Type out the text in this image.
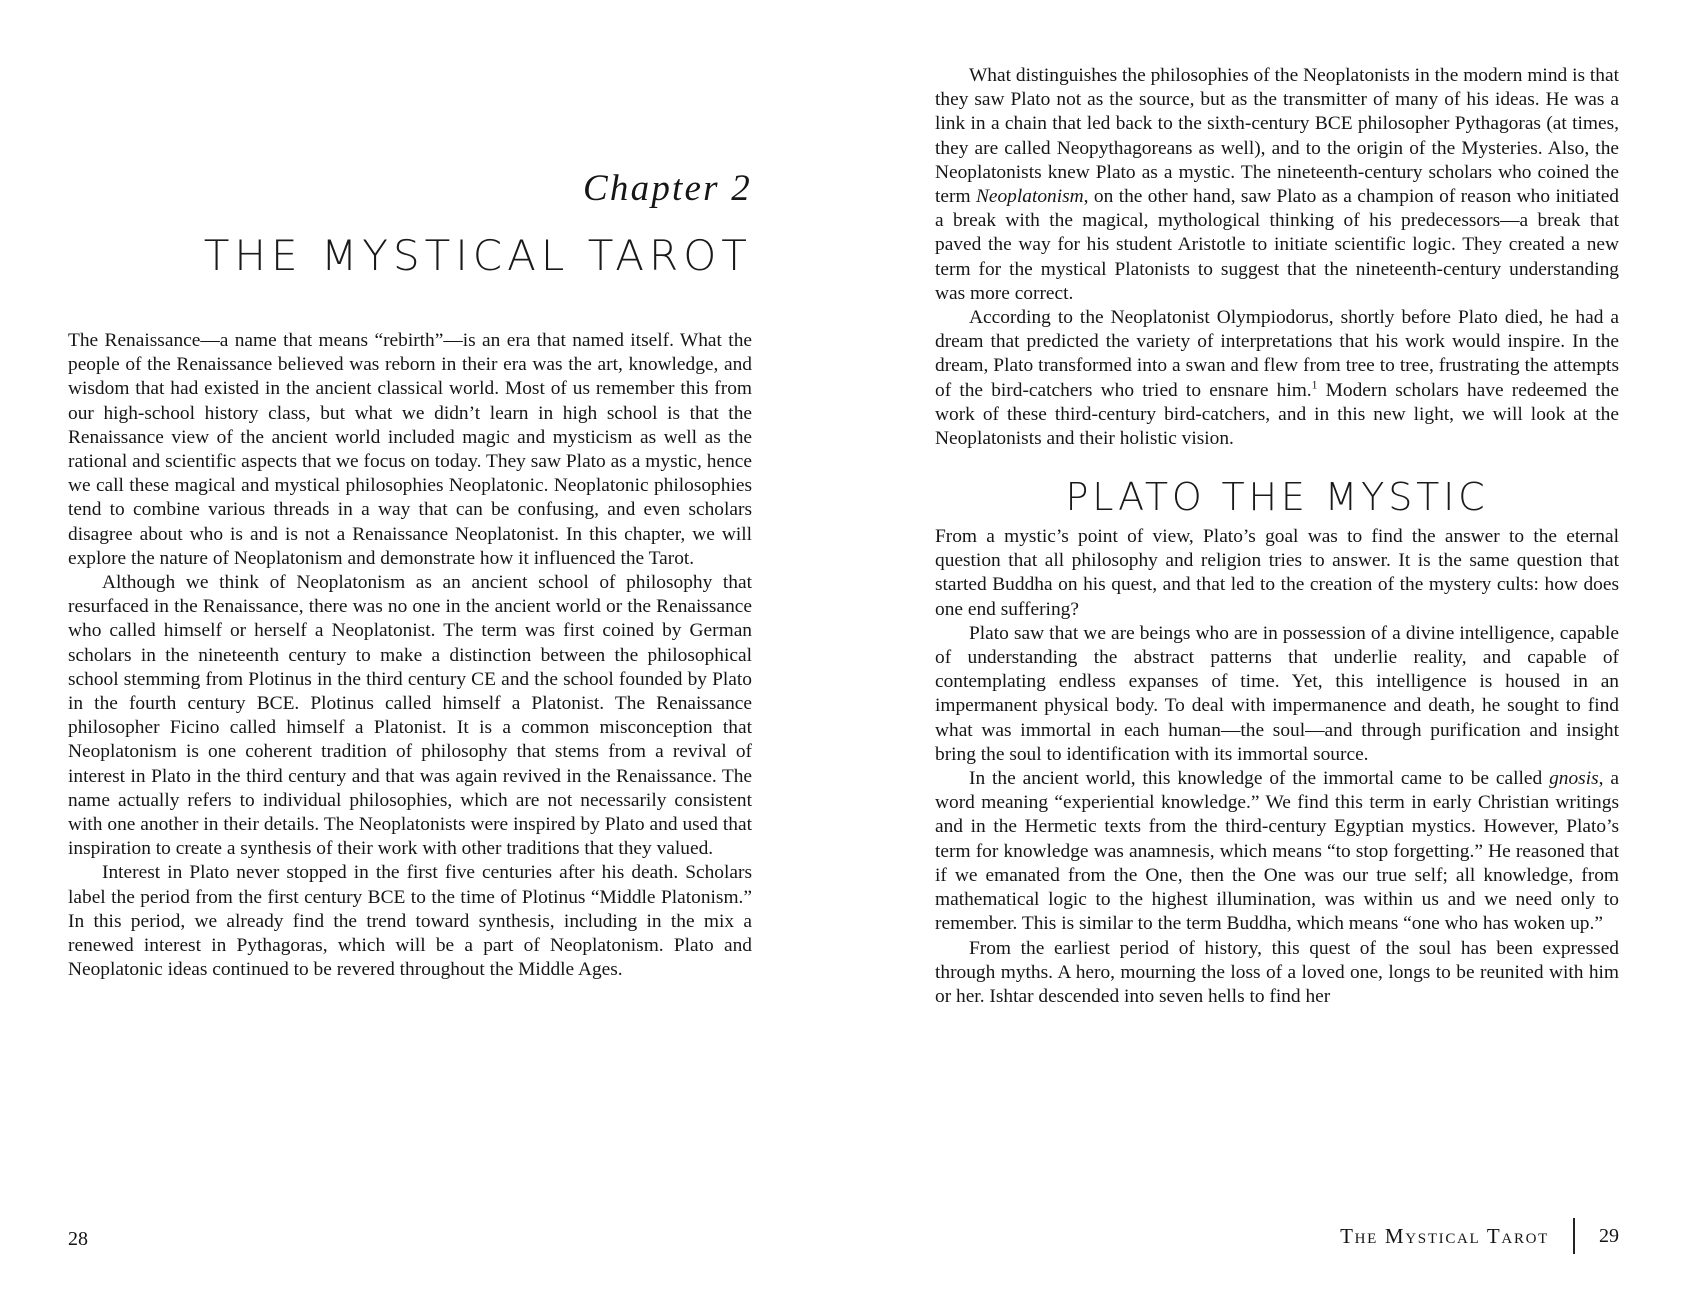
Chapter 2
THE MYSTICAL TAROT

The Renaissance—a name that means “rebirth”—is an era that named itself. What the people of the Renaissance believed was reborn in their era was the art, knowledge, and wisdom that had existed in the ancient classical world. Most of us remember this from our high-school history class, but what we didn’t learn in high school is that the Renaissance view of the ancient world included magic and mysticism as well as the rational and scientific aspects that we focus on today. They saw Plato as a mystic, hence we call these magical and mystical philosophies Neoplatonic. Neoplatonic philosophies tend to combine various threads in a way that can be confusing, and even scholars disagree about who is and is not a Renaissance Neoplatonist. In this chapter, we will explore the nature of Neoplatonism and demonstrate how it influenced the Tarot.

Although we think of Neoplatonism as an ancient school of philosophy that resurfaced in the Renaissance, there was no one in the ancient world or the Renaissance who called himself or herself a Neoplatonist. The term was first coined by German scholars in the nineteenth century to make a distinction between the philosophical school stemming from Plotinus in the third century CE and the school founded by Plato in the fourth century BCE. Plotinus called himself a Platonist. The Renaissance philosopher Ficino called himself a Platonist. It is a common misconception that Neoplatonism is one coherent tradition of philosophy that stems from a revival of interest in Plato in the third century and that was again revived in the Renaissance. The name actually refers to individual philosophies, which are not necessarily consistent with one another in their details. The Neoplatonists were inspired by Plato and used that inspiration to create a synthesis of their work with other traditions that they valued.

Interest in Plato never stopped in the first five centuries after his death. Scholars label the period from the first century BCE to the time of Plotinus “Middle Platonism.” In this period, we already find the trend toward synthesis, including in the mix a renewed interest in Pythagoras, which will be a part of Neoplatonism. Plato and Neoplatonic ideas continued to be revered throughout the Middle Ages.

What distinguishes the philosophies of the Neoplatonists in the modern mind is that they saw Plato not as the source, but as the transmitter of many of his ideas. He was a link in a chain that led back to the sixth-century BCE philosopher Pythagoras (at times, they are called Neopythagoreans as well), and to the origin of the Mysteries. Also, the Neoplatonists knew Plato as a mystic. The nineteenth-century scholars who coined the term Neoplatonism, on the other hand, saw Plato as a champion of reason who initiated a break with the magical, mythological thinking of his predecessors—a break that paved the way for his student Aristotle to initiate scientific logic. They created a new term for the mystical Platonists to suggest that the nineteenth-century understanding was more correct.

According to the Neoplatonist Olympiodorus, shortly before Plato died, he had a dream that predicted the variety of interpretations that his work would inspire. In the dream, Plato transformed into a swan and flew from tree to tree, frustrating the attempts of the bird-catchers who tried to ensnare him.$^1$ Modern scholars have redeemed the work of these third-century bird-catchers, and in this new light, we will look at the Neoplatonists and their holistic vision.

PLATO THE MYSTIC

From a mystic’s point of view, Plato’s goal was to find the answer to the eternal question that all philosophy and religion tries to answer. It is the same question that started Buddha on his quest, and that led to the creation of the mystery cults: how does one end suffering?

Plato saw that we are beings who are in possession of a divine intelligence, capable of understanding the abstract patterns that underlie reality, and capable of contemplating endless expanses of time. Yet, this intelligence is housed in an impermanent physical body. To deal with impermanence and death, he sought to find what was immortal in each human—the soul—and through purification and insight bring the soul to identification with its immortal source.

In the ancient world, this knowledge of the immortal came to be called gnosis, a word meaning “experiential knowledge.” We find this term in early Christian writings and in the Hermetic texts from the third-century Egyptian mystics. However, Plato’s term for knowledge was anamnesis, which means “to stop forgetting.” He reasoned that if we emanated from the One, then the One was our true self; all knowledge, from mathematical logic to the highest illumination, was within us and we need only to remember. This is similar to the term Buddha, which means “one who has woken up.”

From the earliest period of history, this quest of the soul has been expressed through myths. A hero, mourning the loss of a loved one, longs to be reunited with him or her. Ishtar descended into seven hells to find her

28	The Mystical Tarot	29
